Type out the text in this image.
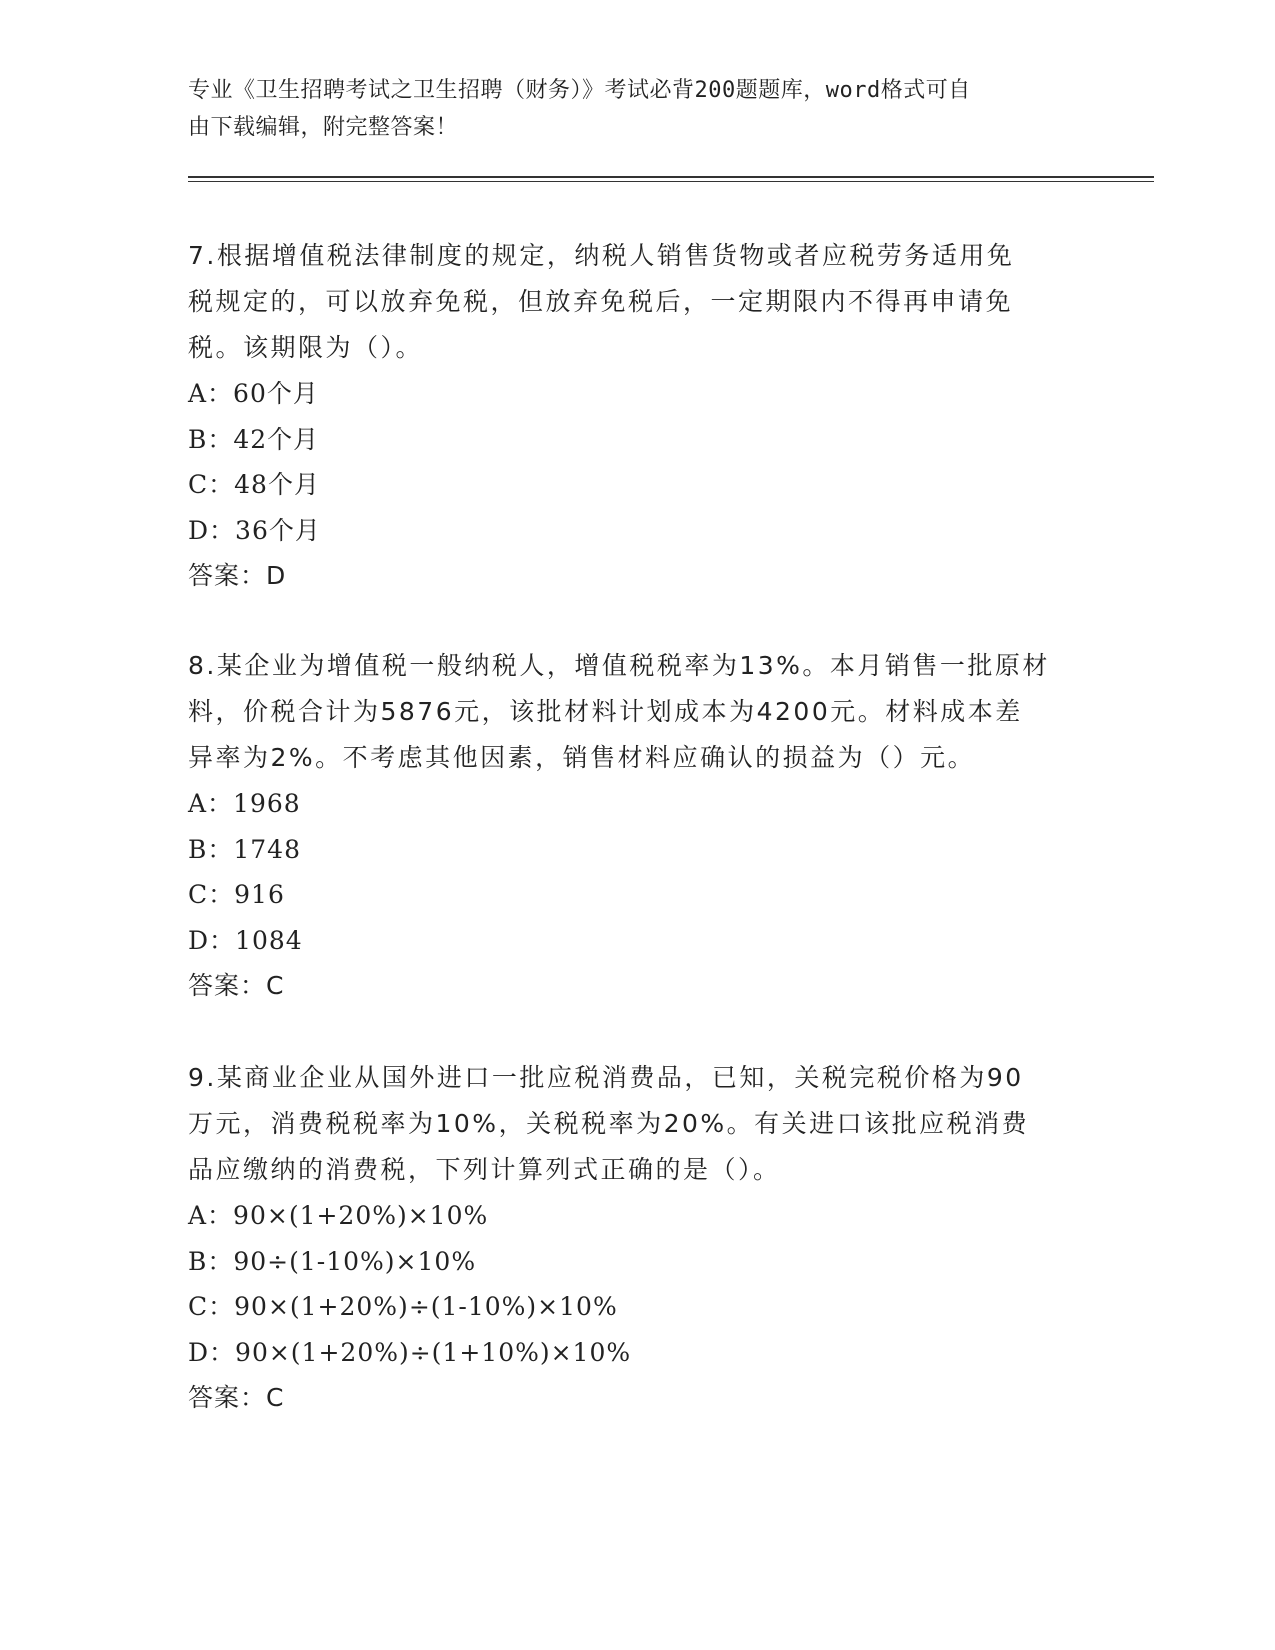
专业《卫生招聘考试之卫生招聘（财务）》考试必背200题题库，word格式可自
由下载编辑，附完整答案！

7.根据增值税法律制度的规定，纳税人销售货物或者应税劳务适用免

税规定的，可以放弃免税，但放弃免税后，一定期限内不得再申请免

税。该期限为（）。

A：60个月

B：42个月

C：48个月

D：36个月

答案：D

8.某企业为增值税一般纳税人，增值税税率为13%。本月销售一批原材

料，价税合计为5876元，该批材料计划成本为4200元。材料成本差

异率为2%。不考虑其他因素，销售材料应确认的损益为（）元。

A：1968

B：1748

C：916

D：1084

答案：C

9.某商业企业从国外进口一批应税消费品，已知，关税完税价格为90

万元，消费税税率为10%，关税税率为20%。有关进口该批应税消费

品应缴纳的消费税，下列计算列式正确的是（）。

A：90×(1+20%)×10%

B：90÷(1-10%)×10%

C：90×(1+20%)÷(1-10%)×10%

D：90×(1+20%)÷(1+10%)×10%

答案：C
